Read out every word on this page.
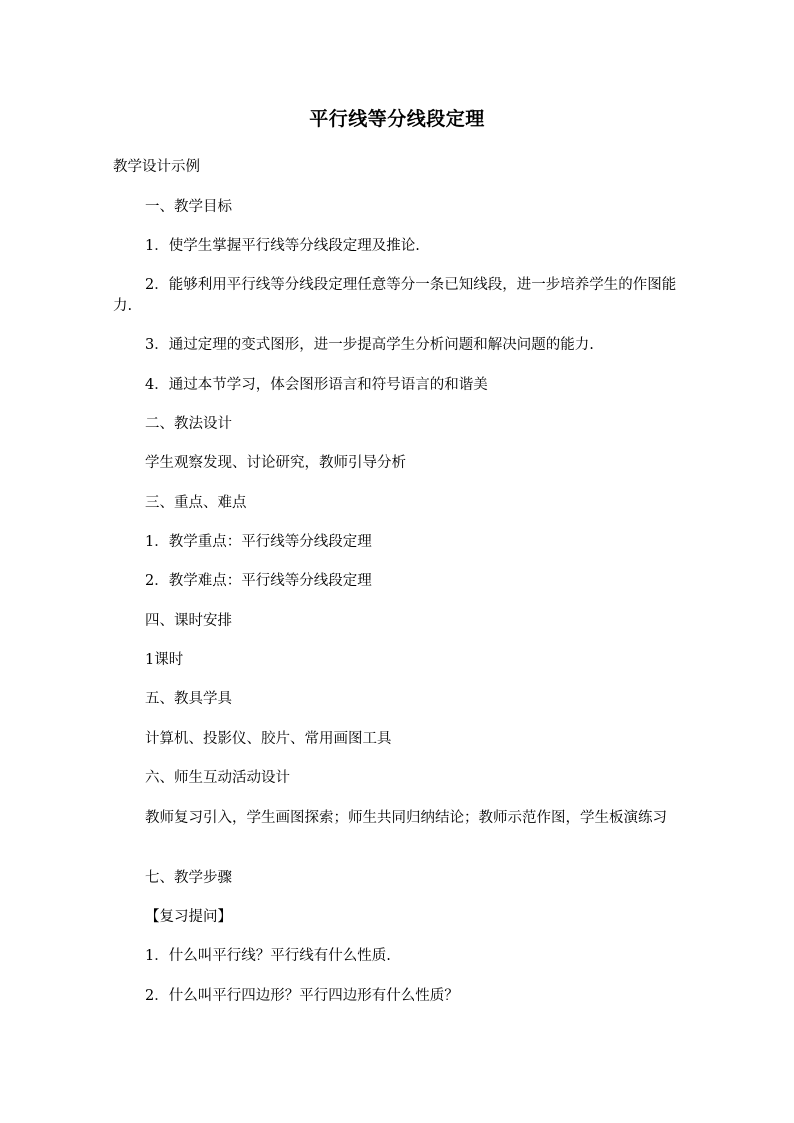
平行线等分线段定理
教学设计示例
一、教学目标
1．使学生掌握平行线等分线段定理及推论.
2．能够利用平行线等分线段定理任意等分一条已知线段，进一步培养学生的作图能力.
3．通过定理的变式图形，进一步提高学生分析问题和解决问题的能力.
4．通过本节学习，体会图形语言和符号语言的和谐美
二、教法设计
学生观察发现、讨论研究，教师引导分析
三、重点、难点
1．教学重点：平行线等分线段定理
2．教学难点：平行线等分线段定理
四、课时安排
1课时
五、教具学具
计算机、投影仪、胶片、常用画图工具
六、师生互动活动设计
教师复习引入，学生画图探索；师生共同归纳结论；教师示范作图，学生板演练习
七、教学步骤
【复习提问】
1．什么叫平行线？平行线有什么性质.
2．什么叫平行四边形？平行四边形有什么性质？
